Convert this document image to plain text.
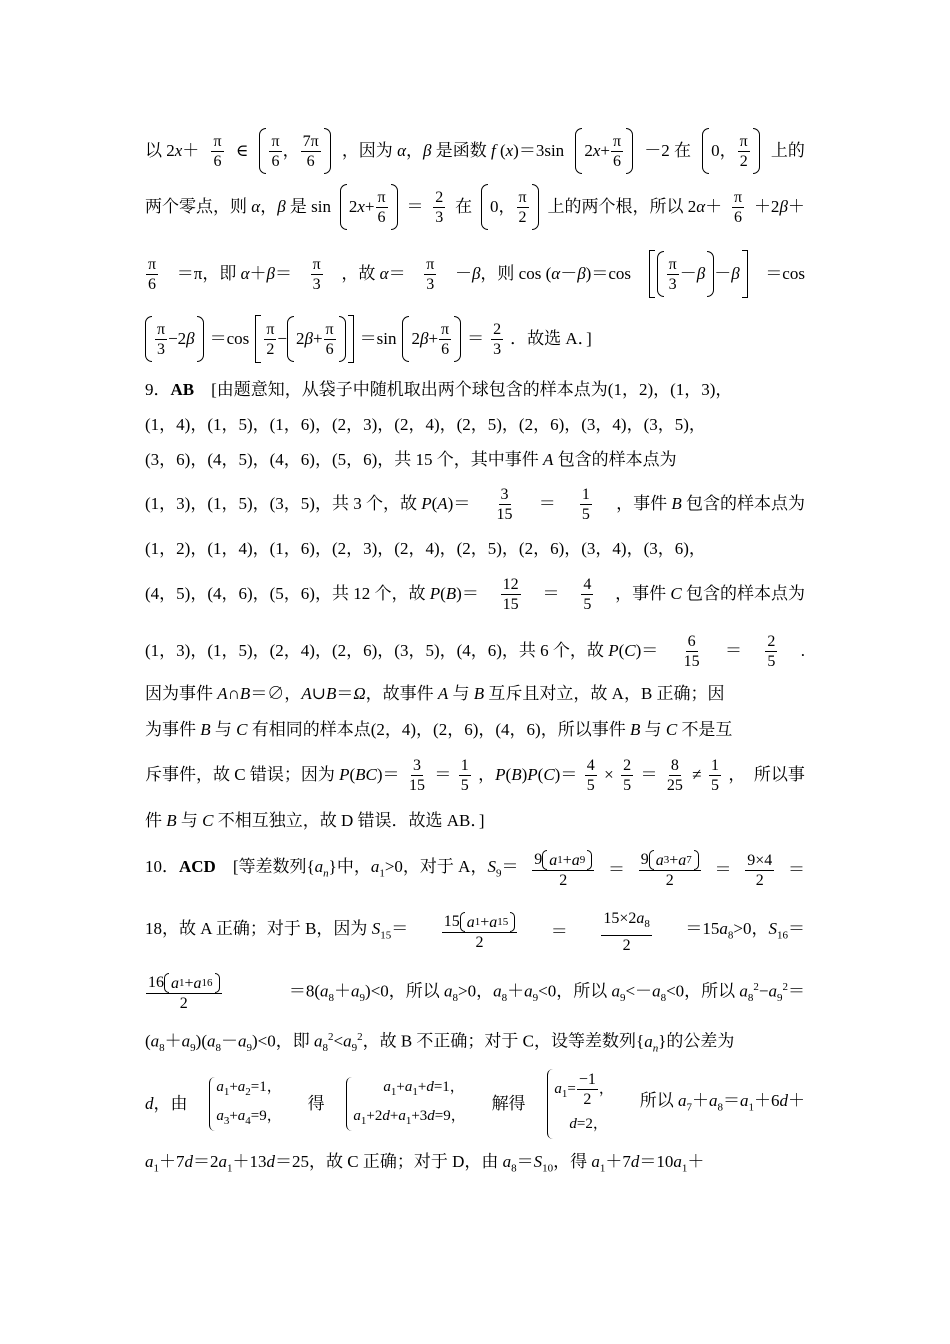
以 $2x+ \frac{\pi}{6}$ ∈ $\frac{\pi}{6}$ ， $\frac{7\pi}{6}$ ，因为 α，β 是函数 f (x)＝3sin $2x+ \frac{\pi}{6} -2$ 在 0， $\frac{\pi}{2}$ 上的
两个零点，则 α，β 是 $\sin 2x+ \frac{\pi}{6} = \frac{2}{3}$ 在 0， $\frac{\pi}{2}$ 上的两个根，所以 $2\alpha+ \frac{\pi}{6} +2\beta+$
$\frac{\pi}{6} =\pi$，即 $\alpha+\beta= \frac{\pi}{3}$ ，故 $\alpha= \frac{\pi}{3} -\beta$，则 $\cos (\alpha-\beta)=\cos \frac{\pi}{3} -\beta -\beta =\cos$
$\frac{\pi}{3} -2\beta =\cos \frac{\pi}{2} - 2\beta+ \frac{\pi}{6} =\sin$ $2\beta+ \frac{\pi}{6} = \frac{2}{3}$ ．故选 A．]
9．AB　[由题意知，从袋子中随机取出两个球包含的样本点为(1，2)，(1，3)，
(1，4)，(1，5)，(1，6)，(2，3)，(2，4)，(2，5)，(2，6)，(3，4)，(3，5)，
(3，6)，(4，5)，(4，6)，(5，6)，共 15 个，其中事件 A 包含的样本点为
(1，3)，(1，5)，(3，5)，共 3 个，故 $P(A)= \frac{3}{15} = \frac{1}{5}$ ，事件 B 包含的样本点为
(1，2)，(1，4)，(1，6)，(2，3)，(2，4)，(2，5)，(2，6)，(3，4)，(3，6)，
(4，5)，(4，6)，(5，6)，共 12 个，故 $P(B)= \frac{12}{15} = \frac{4}{5}$ ，事件 C 包含的样本点为
(1，3)，(1，5)，(2，4)，(2，6)，(3，5)，(4，6)，共 6 个，故 $P(C)= \frac{6}{15} = \frac{2}{5}$ .
因为事件 A∩B＝∅，A∪B＝Ω，故事件 A 与 B 互斥且对立，故 A，B 正确；因
为事件 B 与 C 有相同的样本点(2，4)，(2，6)，(4，6)，所以事件 B 与 C 不是互
斥事件，故 C 错误；因为 $P(BC)= \frac{3}{15} = \frac{1}{5}$ ，$P(B)P(C)= \frac{4}{5} \times \frac{2}{5} = \frac{8}{25} \ne \frac{1}{5}$ ，　所以事
件 B 与 C 不相互独立，故 D 错误．故选 AB．]
10．ACD　[等差数列$\{a_n\}$中，$a_1>0$，对于 A，$S_9= \frac{9 a 1 + a 9}{2} = \frac{9 a 3 + a 7}{2} = \frac{9\times 4}{2}$ ＝
18，故 A 正确；对于 B，因为 $S_{15}= \frac{15 a 1 + a 15}{2} = \frac{15\times 2a_8}{2} =15a_8>0$，$S_{16}=$
$\frac{16 a 1 + a 16}{2}$	$=8(a_8+a_9)<0$，所以 $a_8>0$，$a_8+a_9<0$，所以 $a_9<-a_8<0$，所以 $a_8^2-a_9^2=$
$(a_8+a_9)(a_8-a_9)<0$，即 $a_8^2<a_9^2$，故 B 不正确；对于 C，设等差数列$\{a_n\}$的公差为
d，由
$a_1+a_2=1$，
$a_3+a_4=9$，
得
　　$a_1+a_1+d=1$，
$a_1+2d+a_1+3d=9$，
解得
$a_1= \frac{-1}{2}$ ，
　d=2，
所以 $a_7+a_8=a_1+6d+$
$a_1+7d=2a_1+13d=25$，故 C 正确；对于 D，由 $a_8=S_{10}$，得 $a_1+7d=10a_1+$
